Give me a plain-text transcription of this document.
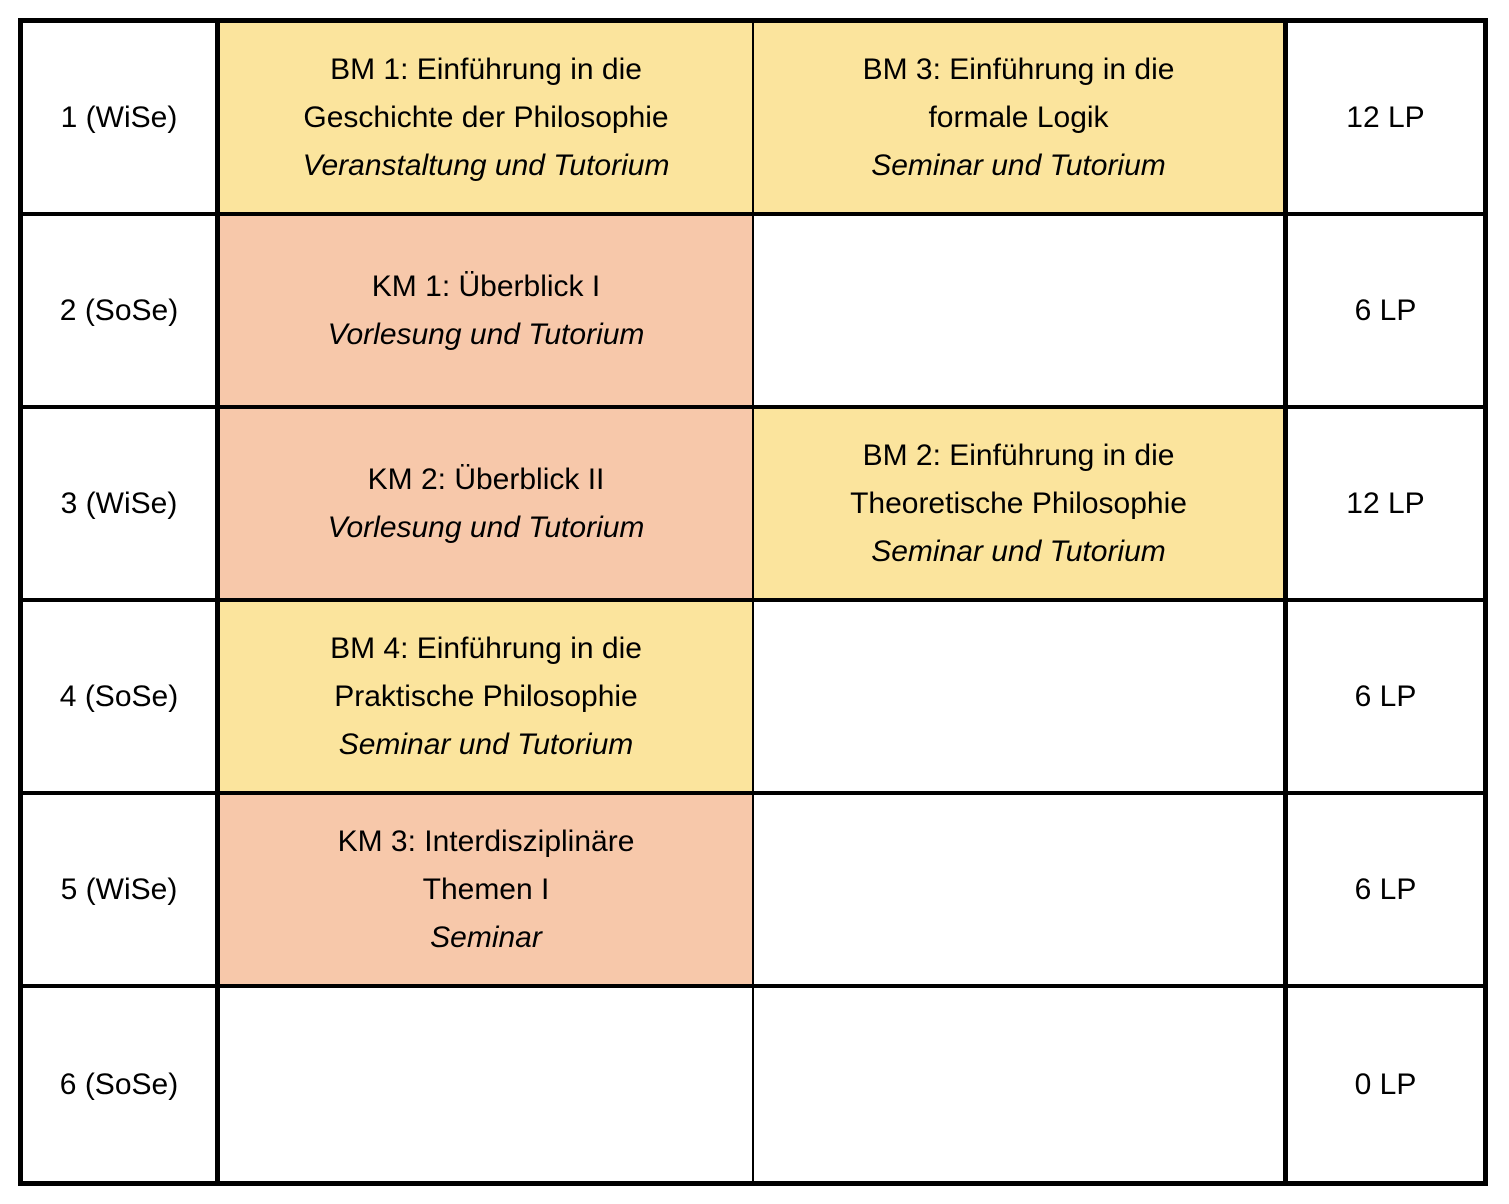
1 (WiSe)
BM 1: Einführung in die
Geschichte der Philosophie
Veranstaltung und Tutorium
BM 3: Einführung in die
formale Logik
Seminar und Tutorium
12 LP
2 (SoSe)
KM 1: Überblick I
Vorlesung und Tutorium
6 LP
3 (WiSe)
KM 2: Überblick II
Vorlesung und Tutorium
BM 2: Einführung in die
Theoretische Philosophie
Seminar und Tutorium
12 LP
4 (SoSe)
BM 4: Einführung in die
Praktische Philosophie
Seminar und Tutorium
6 LP
5 (WiSe)
KM 3: Interdisziplinäre
Themen I
Seminar
6 LP
6 (SoSe)	0 LP
